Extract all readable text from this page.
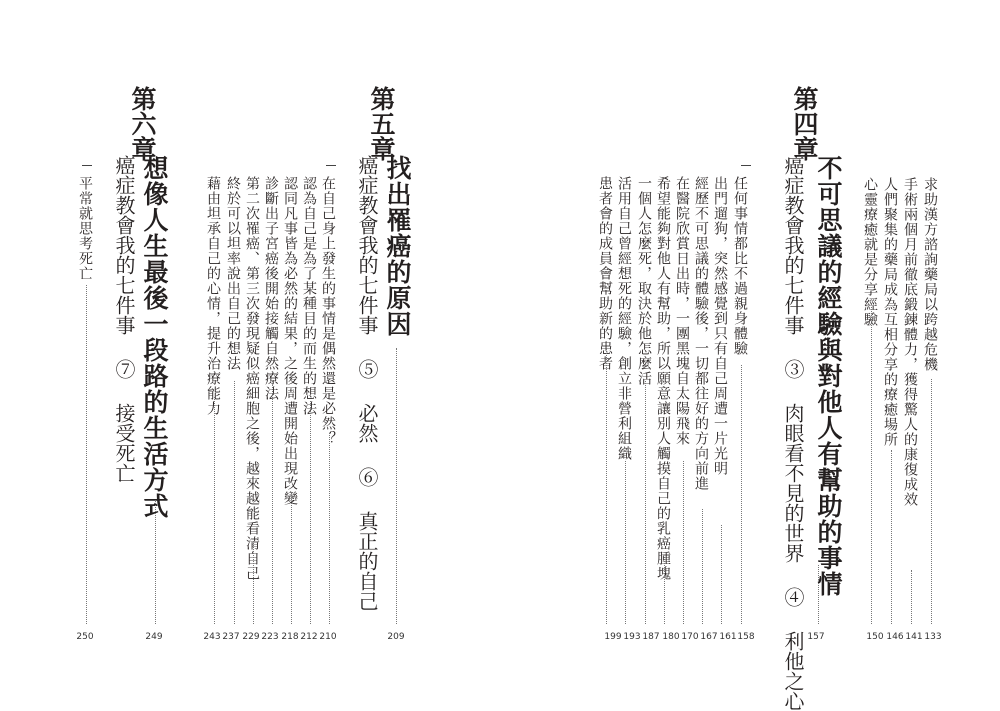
求助漢方諮詢藥局以跨越危機
手術兩個月前徹底鍛鍊體力，獲得驚人的康復成效
人們聚集的藥局成為互相分享的療癒場所
心靈療癒就是分享經驗
133
141
146
150
第四章
不可思議的經驗與對他人有幫助的事情
癌症教會我的七件事 ③ 肉眼看不見的世界 ④ 利他之心 157
任何事情都比不過親身體驗
出門遛狗，突然感覺到只有自己周遭一片光明
經歷不可思議的體驗後，一切都往好的方向前進
在醫院欣賞日出時，一團黑塊自太陽飛來
希望能夠對他人有幫助，所以願意讓別人觸摸自己的乳癌腫塊
一個人怎麼死，取決於他怎麼活
活用自己曾經想死的經驗，創立非營利組織
患者會的成員會幫助新的患者
158
161
167
170
180
187
193
199
第五章
找出罹癌的原因
癌症教會我的七件事 ⑤ 必然 ⑥ 真正的自己
209
在自己身上發生的事情是偶然還是必然？
認為自己是為了某種目的而生的想法
認同凡事皆為必然的結果，之後周遭開始出現改變
診斷出子宮癌後開始接觸自然療法
第二次罹癌、第三次發現疑似癌細胞之後，越來越能看清自己
終於可以坦率說出自己的想法
藉由坦承自己的心情，提升治療能力
210
212
218
223
229
237
243
第六章
想像人生最後一段路的生活方式
癌症教會我的七件事 ⑦ 接受死亡
249
平常就思考死亡
250
